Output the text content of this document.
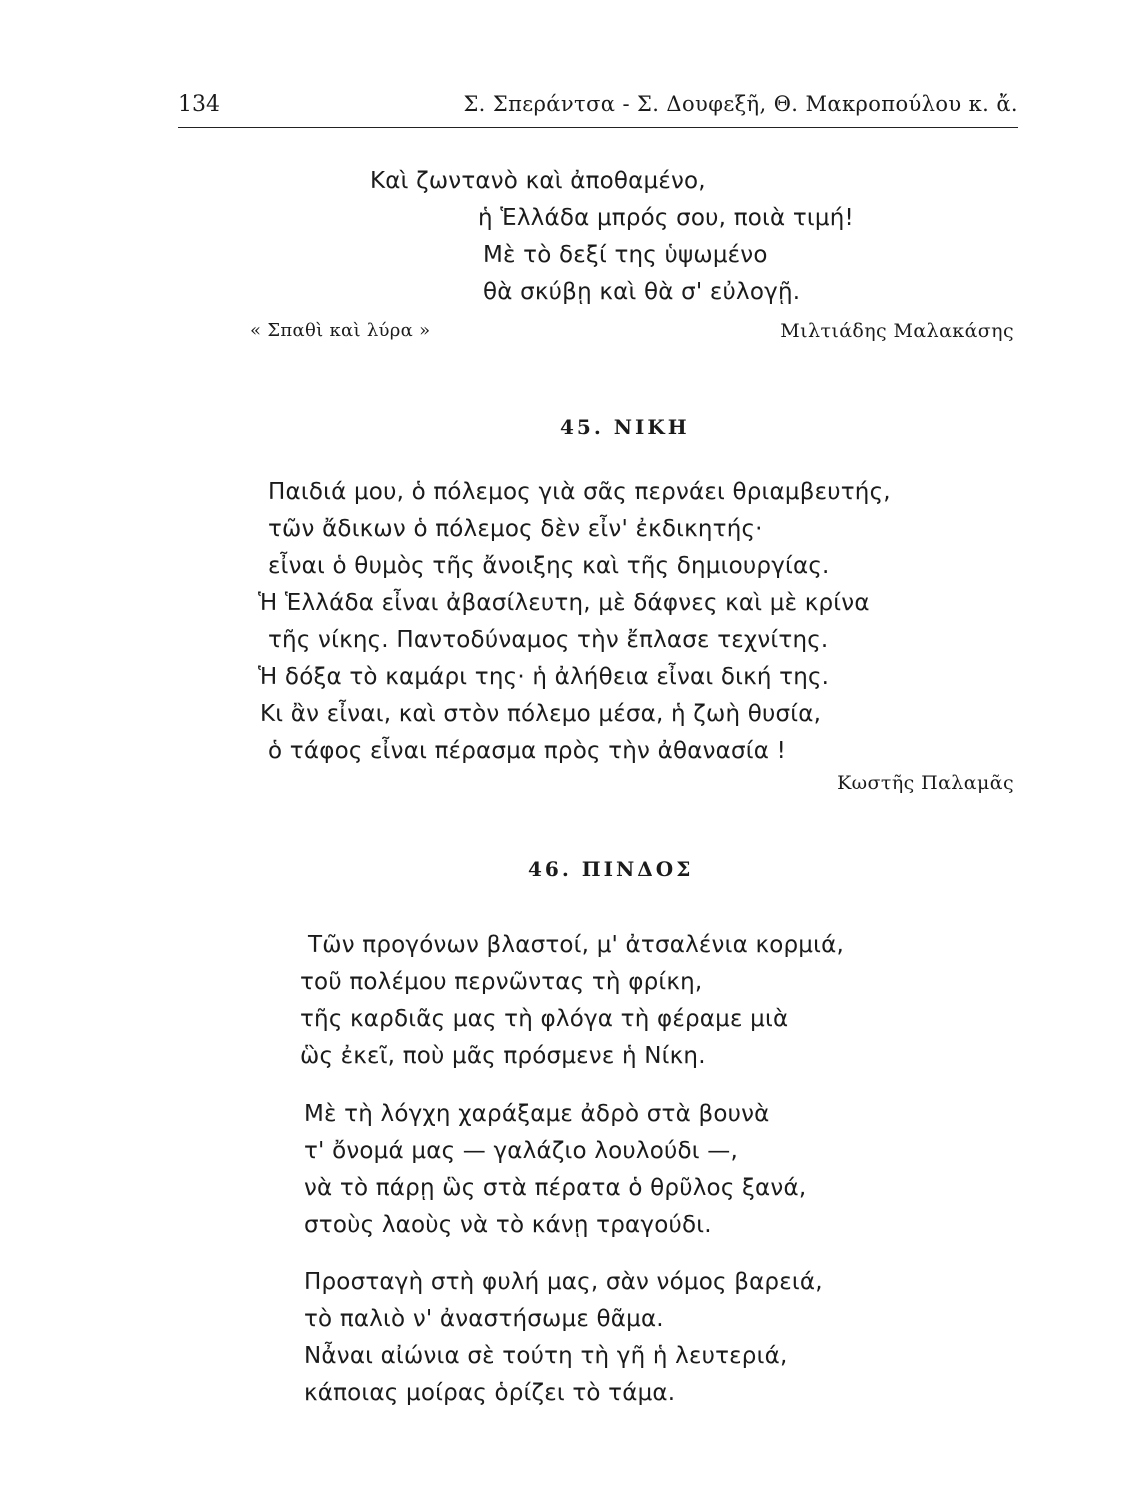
134	Σ. Σπεράντσα - Σ. Δουφεξῆ, Θ. Μακροπούλου κ. ἄ.
Καὶ ζωντανὸ καὶ ἀποθαμένο,
ἡ Ἑλλάδα μπρός σου, ποιὰ τιμή!
Μὲ τὸ δεξί της ὑψωμένο
θὰ σκύβῃ καὶ θὰ σ' εὐλογῇ.
« Σπαθὶ καὶ λύρα »	Μιλτιάδης Μαλακάσης
45. ΝΙΚΗ
Παιδιά μου, ὁ πόλεμος γιὰ σᾶς περνάει θριαμβευτής,
τῶν ἄδικων ὁ πόλεμος δὲν εἶν' ἐκδικητής·
εἶναι ὁ θυμὸς τῆς ἄνοιξης καὶ τῆς δημιουργίας.
Ἡ Ἑλλάδα εἶναι ἀβασίλευτη, μὲ δάφνες καὶ μὲ κρίνα
τῆς νίκης. Παντοδύναμος τὴν ἔπλασε τεχνίτης.
Ἡ δόξα τὸ καμάρι της· ἡ ἀλήθεια εἶναι δική της.
Κι ἂν εἶναι, καὶ στὸν πόλεμο μέσα, ἡ ζωὴ θυσία,
ὁ τάφος εἶναι πέρασμα πρὸς τὴν ἀθανασία !
Κωστῆς Παλαμᾶς
46. ΠΙΝΔΟΣ
Τῶν προγόνων βλαστοί, μ' ἀτσαλένια κορμιά,
τοῦ πολέμου περνῶντας τὴ φρίκη,
τῆς καρδιᾶς μας τὴ φλόγα τὴ φέραμε μιὰ
ὣς ἐκεῖ, ποὺ μᾶς πρόσμενε ἡ Νίκη.
Μὲ τὴ λόγχη χαράξαμε ἀδρὸ στὰ βουνὰ
τ' ὄνομά μας — γαλάζιο λουλούδι —,
νὰ τὸ πάρῃ ὣς στὰ πέρατα ὁ θρῦλος ξανά,
στοὺς λαοὺς νὰ τὸ κάνῃ τραγούδι.
Προσταγὴ στὴ φυλή μας, σὰν νόμος βαρειά,
τὸ παλιὸ ν' ἀναστήσωμε θᾶμα.
Νἆναι αἰώνια σὲ τούτη τὴ γῆ ἡ λευτεριά,
κάποιας μοίρας ὁρίζει τὸ τάμα.
